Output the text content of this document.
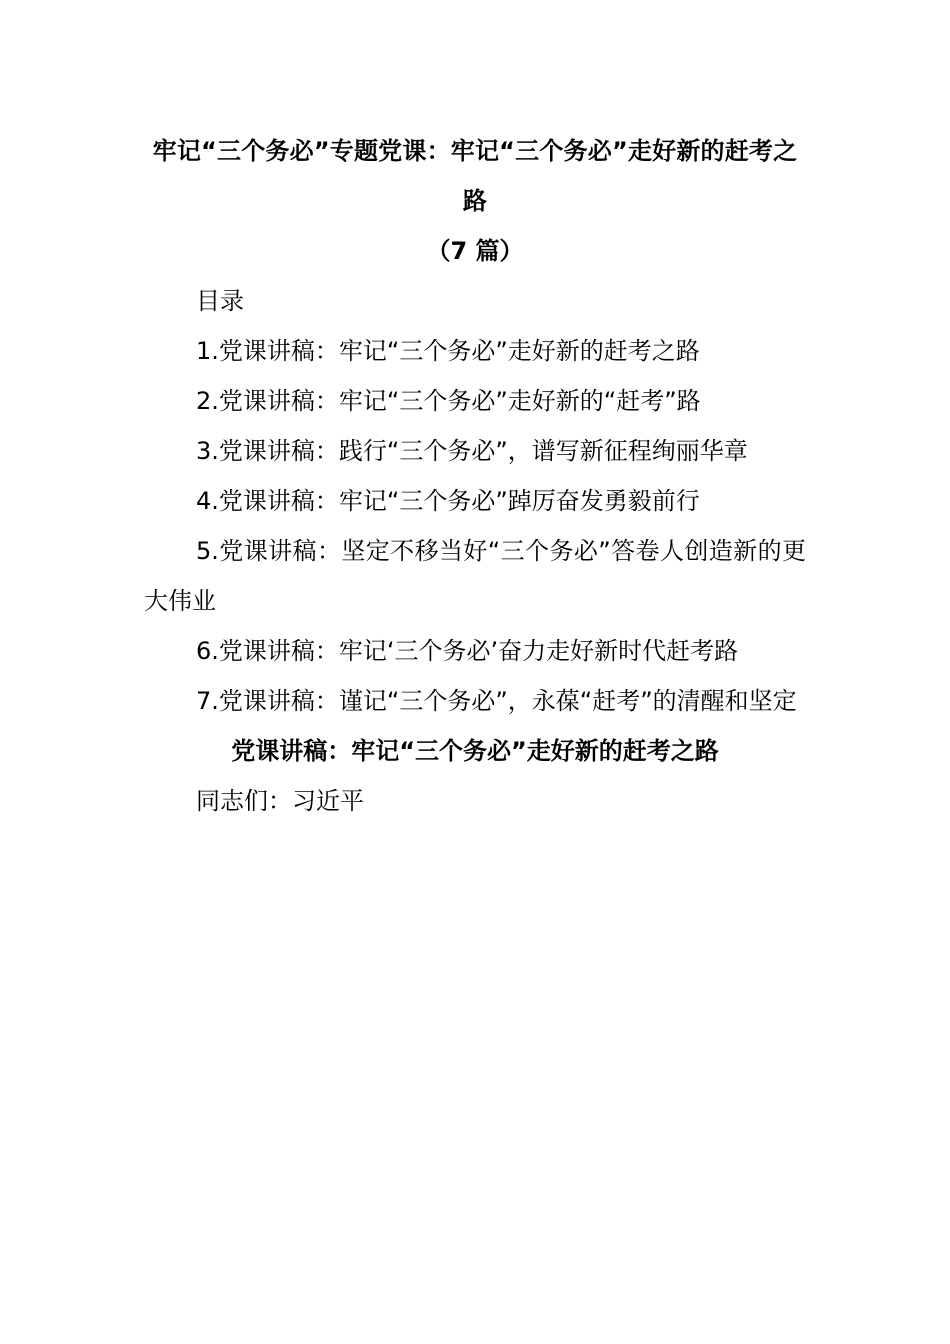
牢记“三个务必”专题党课：牢记“三个务必”走好新的赶考之路

（7 篇）

目录

1.党课讲稿：牢记“三个务必”走好新的赶考之路

2.党课讲稿：牢记“三个务必”走好新的“赶考”路

3.党课讲稿：践行“三个务必”，谱写新征程绚丽华章

4.党课讲稿：牢记“三个务必”踔厉奋发勇毅前行

5.党课讲稿：坚定不移当好“三个务必”答卷人创造新的更大伟业

6.党课讲稿：牢记‘三个务必’奋力走好新时代赶考路

7.党课讲稿：谨记“三个务必”，永葆“赶考”的清醒和坚定

党课讲稿：牢记“三个务必”走好新的赶考之路

同志们：习近平
